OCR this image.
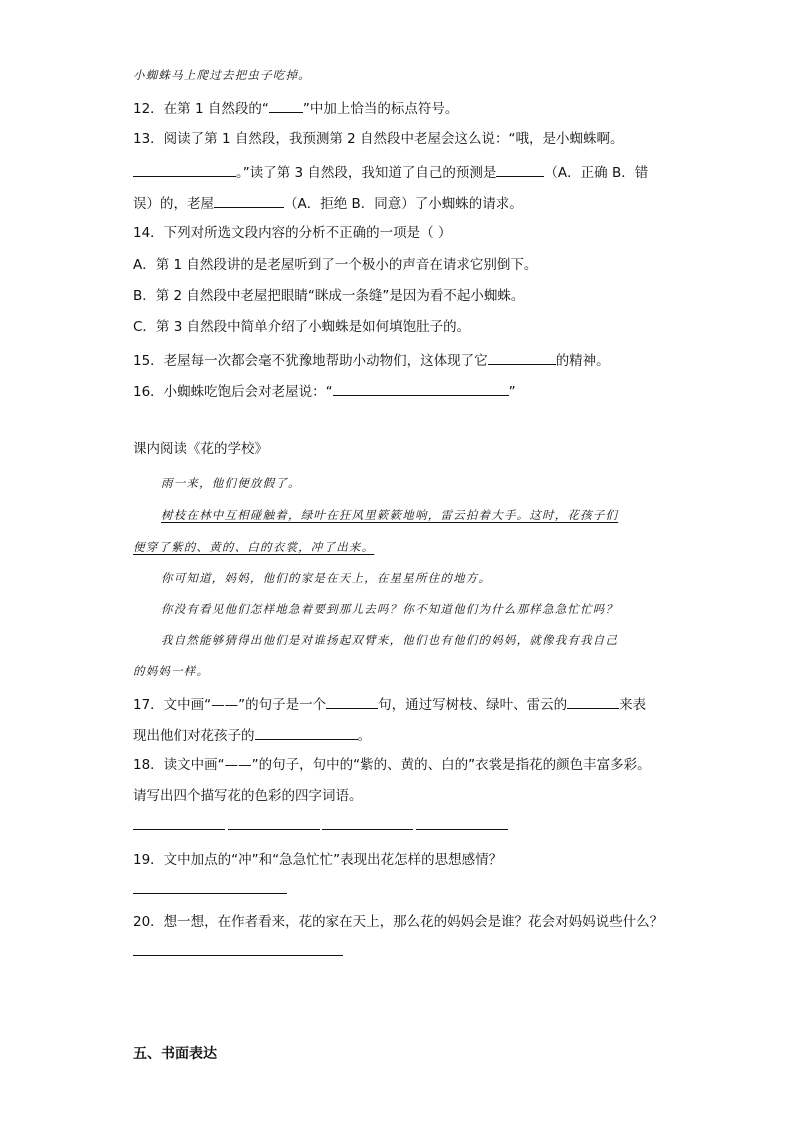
小蜘蛛马上爬过去把虫子吃掉。
12．在第 1 自然段的“	”中加上恰当的标点符号。
13．阅读了第 1 自然段，我预测第 2 自然段中老屋会这么说：“哦，是小蜘蛛啊。
。”读了第 3 自然段，我知道了自己的预测是	（A．正确 B．错
误）的，老屋	（A．拒绝 B．同意）了小蜘蛛的请求。
14．下列对所选文段内容的分析不正确的一项是（ ）
A．第 1 自然段讲的是老屋听到了一个极小的声音在请求它别倒下。
B．第 2 自然段中老屋把眼睛“眯成一条缝”是因为看不起小蜘蛛。
C．第 3 自然段中简单介绍了小蜘蛛是如何填饱肚子的。
15．老屋每一次都会毫不犹豫地帮助小动物们，这体现了它	的精神。
16．小蜘蛛吃饱后会对老屋说：“	”
课内阅读《花的学校》
雨一来，他们便放假了。
树枝在林中互相碰触着，绿叶在狂风里簌簌地响，雷云拍着大手。这时，花孩子们
便穿了紫的、黄的、白的衣裳，冲了出来。
你可知道，妈妈，他们的家是在天上，在星星所住的地方。
你没有看见他们怎样地急着要到那儿去吗？你不知道他们为什么那样急急忙忙吗？
我自然能够猜得出他们是对谁扬起双臂来，他们也有他们的妈妈，就像我有我自己
的妈妈一样。
17．文中画“——”的句子是一个	句，通过写树枝、绿叶、雷云的	来表
现出他们对花孩子的	。
18．读文中画“——”的句子，句中的“紫的、黄的、白的”衣裳是指花的颜色丰富多彩。
请写出四个描写花的色彩的四字词语。
19．文中加点的“冲”和“急急忙忙”表现出花怎样的思想感情？
20．想一想，在作者看来，花的家在天上，那么花的妈妈会是谁？花会对妈妈说些什么？
五、书面表达
